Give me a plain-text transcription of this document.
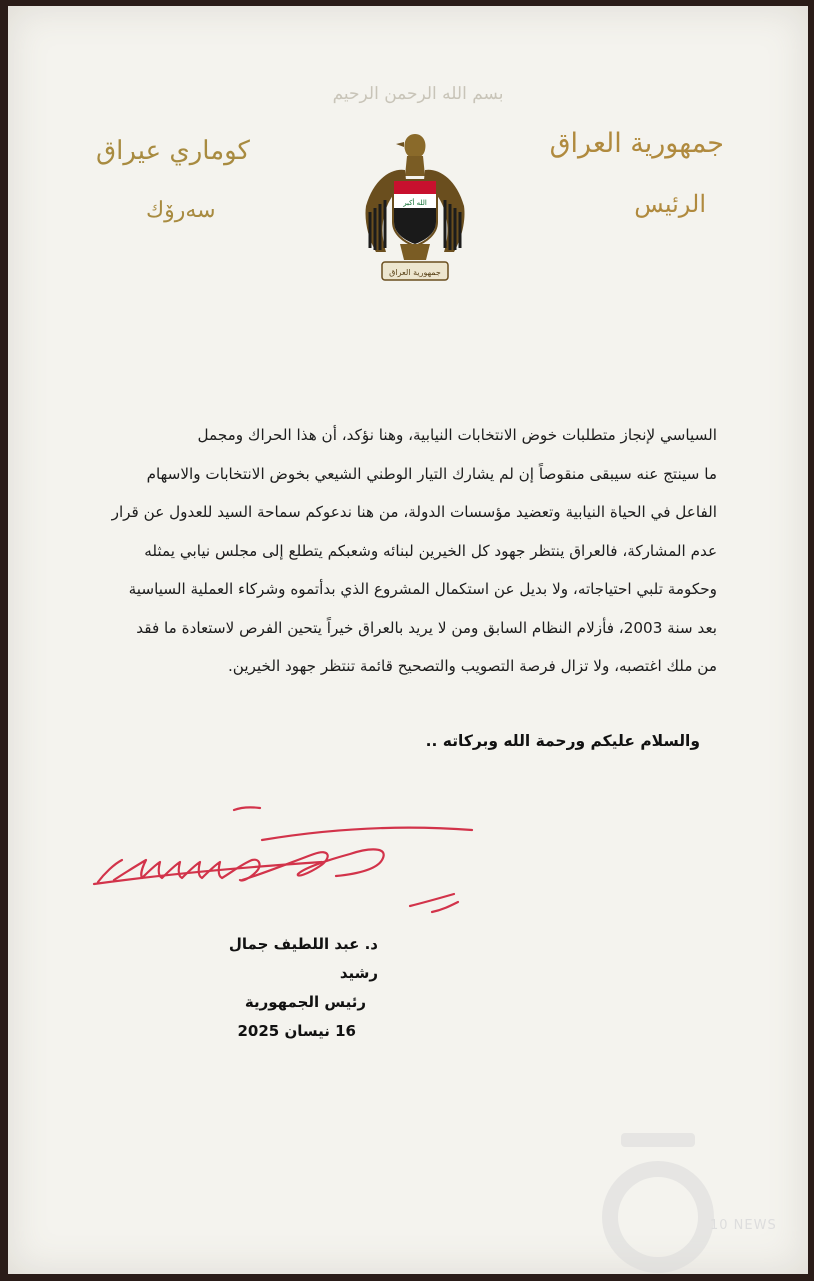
بسم الله الرحمن الرحيم
جمهورية العراق
الرئيس
كوماري عيراق
سەرۆك	الله أكبر
جمهورية العراق
السياسي لإنجاز متطلبات خوض الانتخابات النيابية، وهنا نؤكد، أن هذا الحراك ومجمل
ما سينتج عنه سيبقى منقوصاً إن لم يشارك التيار الوطني الشيعي بخوض الانتخابات والاسهام
الفاعل في الحياة النيابية وتعضيد مؤسسات الدولة، من هنا ندعوكم سماحة السيد للعدول عن قرار
عدم المشاركة، فالعراق ينتظر جهود كل الخيرين لبنائه وشعبكم يتطلع إلى مجلس نيابي يمثله
وحكومة تلبي احتياجاته، ولا بديل عن استكمال المشروع الذي بدأتموه وشركاء العملية السياسية
بعد سنة 2003، فأزلام النظام السابق ومن لا يريد بالعراق خيراً يتحين الفرص لاستعادة ما فقد
من ملك اغتصبه، ولا تزال فرصة التصويب والتصحيح قائمة تنتظر جهود الخيرين.
والسلام عليكم ورحمة الله وبركاته ..
د. عبد اللطيف جمال رشيد
رئيس الجمهورية
16 نيسان 2025
10 NEWS
